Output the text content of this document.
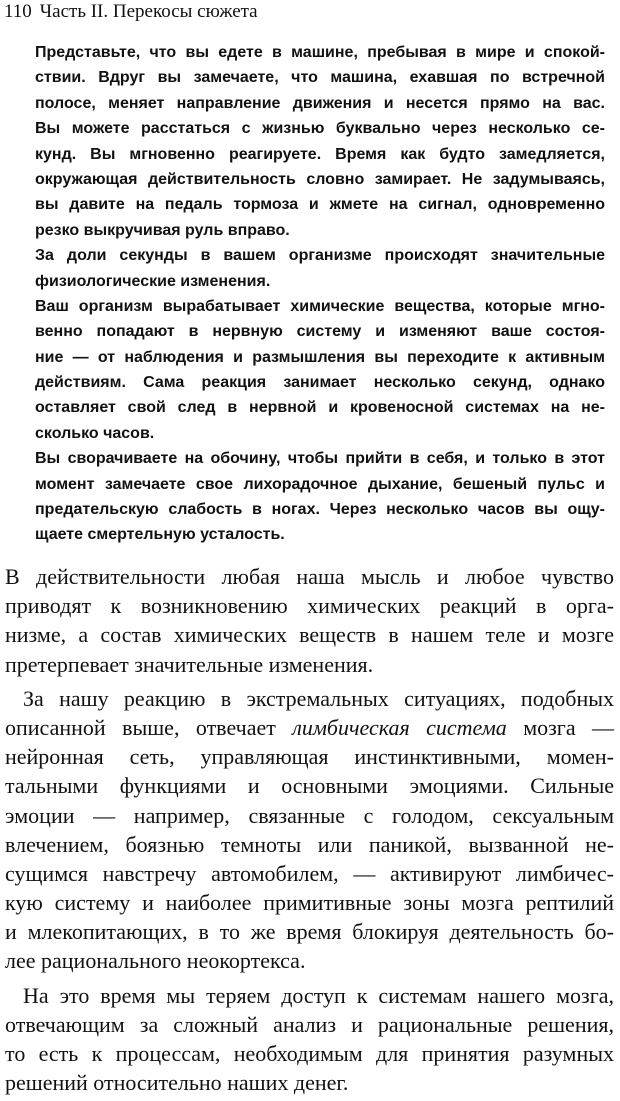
110 Часть II. Перекосы сюжета
Представьте, что вы едете в машине, пребывая в мире и спокой-
ствии. Вдруг вы замечаете, что машина, ехавшая по встречной
полосе, меняет направление движения и несется прямо на вас.
Вы можете расстаться с жизнью буквально через несколько се-
кунд. Вы мгновенно реагируете. Время как будто замедляется,
окружающая действительность словно замирает. Не задумываясь,
вы давите на педаль тормоза и жмете на сигнал, одновременно
резко выкручивая руль вправо.
За доли секунды в вашем организме происходят значительные
физиологические изменения.
Ваш организм вырабатывает химические вещества, которые мгно-
венно попадают в нервную систему и изменяют ваше состоя-
ние — от наблюдения и размышления вы переходите к активным
действиям. Сама реакция занимает несколько секунд, однако
оставляет свой след в нервной и кровеносной системах на не-
сколько часов.
Вы сворачиваете на обочину, чтобы прийти в себя, и только в этот
момент замечаете свое лихорадочное дыхание, бешеный пульс и
предательскую слабость в ногах. Через несколько часов вы ощу-
щаете смертельную усталость.
В действительности любая наша мысль и любое чувство
приводят к возникновению химических реакций в орга-
низме, а состав химических веществ в нашем теле и мозге
претерпевает значительные изменения.
За нашу реакцию в экстремальных ситуациях, подобных
описанной выше, отвечает лимбическая система мозга —
нейронная сеть, управляющая инстинктивными, момен-
тальными функциями и основными эмоциями. Сильные
эмоции — например, связанные с голодом, сексуальным
влечением, боязнью темноты или паникой, вызванной не-
сущимся навстречу автомобилем, — активируют лимбичес-
кую систему и наиболее примитивные зоны мозга рептилий
и млекопитающих, в то же время блокируя деятельность бо-
лее рационального неокортекса.
На это время мы теряем доступ к системам нашего мозга,
отвечающим за сложный анализ и рациональные решения,
то есть к процессам, необходимым для принятия разумных
решений относительно наших денег.
